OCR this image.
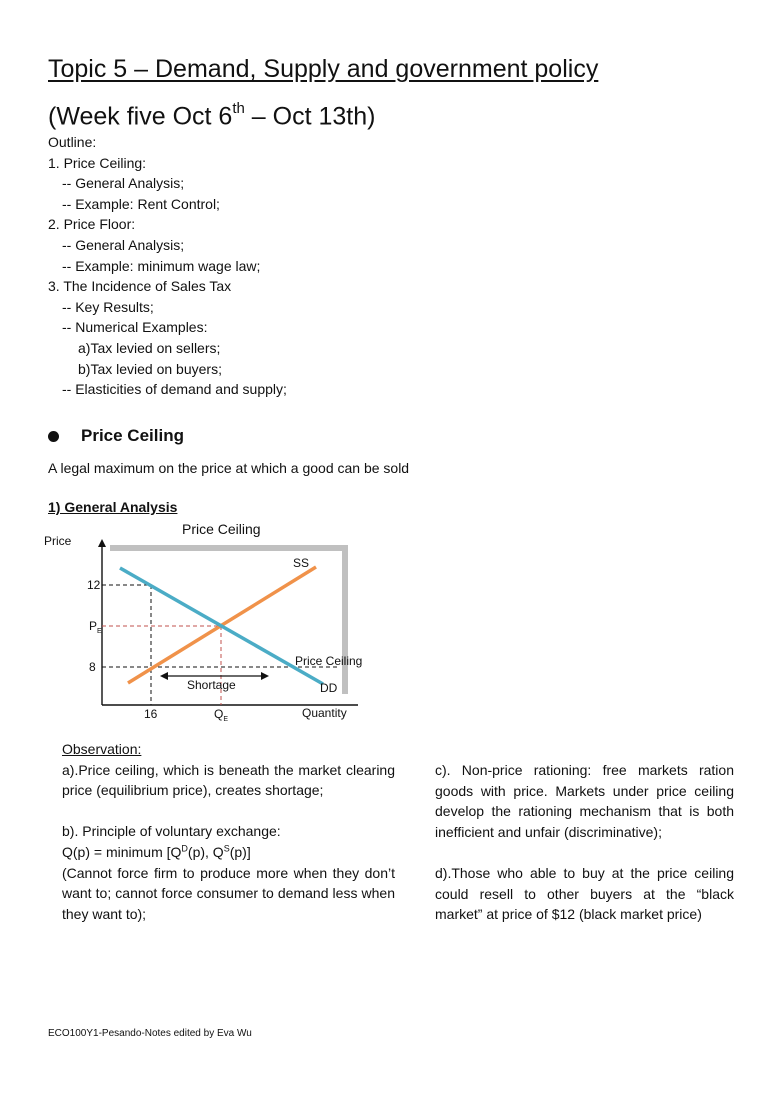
Topic 5 – Demand, Supply and government policy
(Week five Oct 6th – Oct 13th)
Outline:
1. Price Ceiling:
-- General Analysis;
-- Example: Rent Control;
2. Price Floor:
-- General Analysis;
-- Example: minimum wage law;
3. The Incidence of Sales Tax
-- Key Results;
-- Numerical Examples:
a)Tax levied on sellers;
b)Tax levied on buyers;
-- Elasticities of demand and supply;
Price Ceiling
A legal maximum on the price at which a good can be sold
1) General Analysis
Price Ceiling
Price
Quantity
12
$P_E$
8
16	$Q_E$
SS
DD
Price Ceiling
Shortage
Observation:
a).Price ceiling, which is beneath the market clearing price (equilibrium price), creates shortage;
b). Principle of voluntary exchange:
Q(p) = minimum [$Q^D(p)$, $Q^S(p)$]
(Cannot force firm to produce more when they don’t want to; cannot force consumer to demand less when they want to);
c). Non-price rationing: free markets ration goods with price. Markets under price ceiling develop the rationing mechanism that is both inefficient and unfair (discriminative);
d).Those who able to buy at the price ceiling could resell to other buyers at the “black market” at price of $12 (black market price)
ECO100Y1-Pesando-Notes edited by Eva Wu
